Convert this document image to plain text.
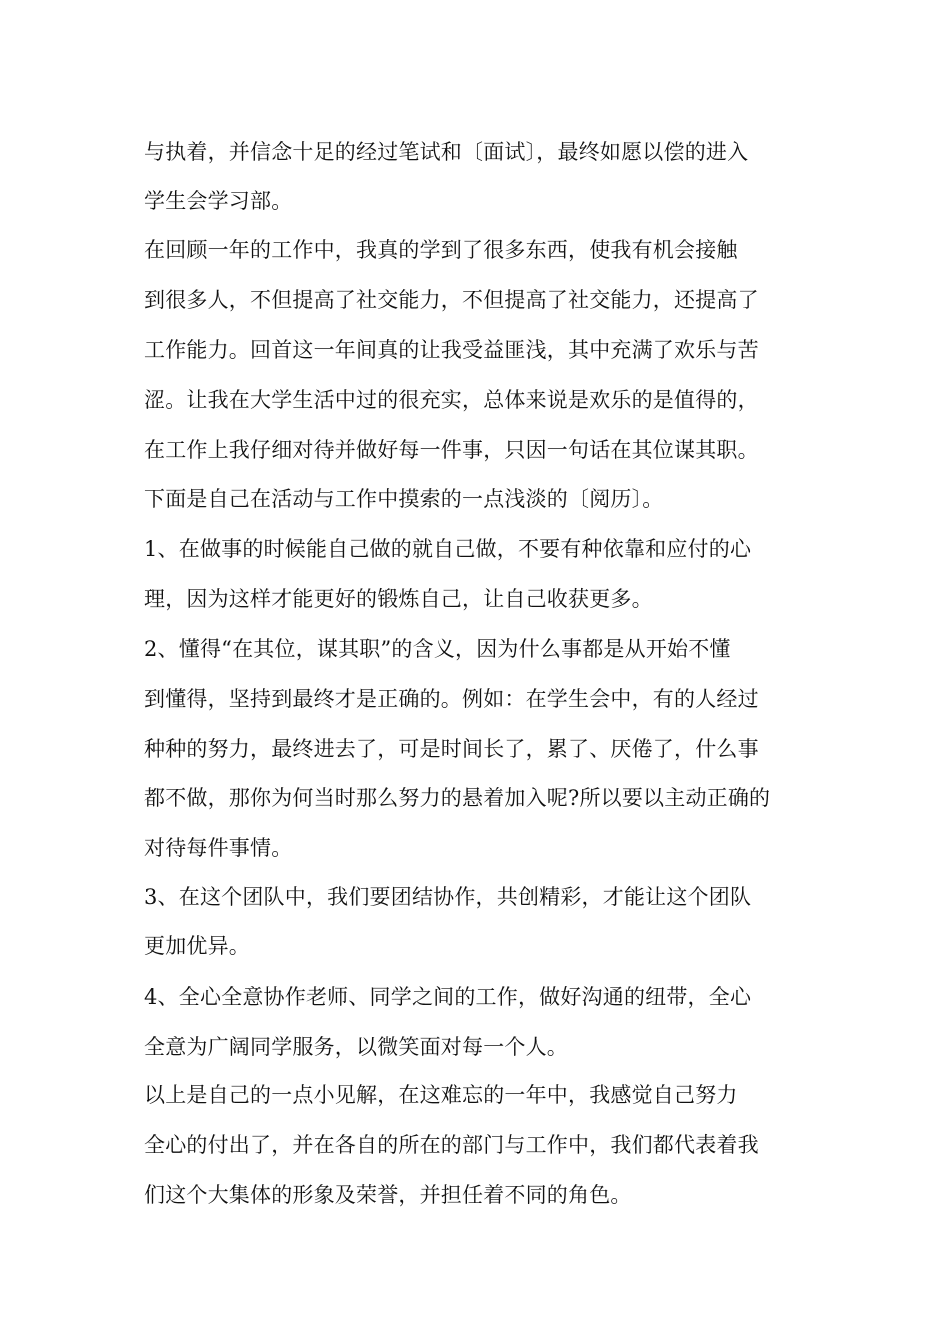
与执着，并信念十足的经过笔试和〔面试〕，最终如愿以偿的进入
学生会学习部。
在回顾一年的工作中，我真的学到了很多东西，使我有机会接触
到很多人，不但提高了社交能力，不但提高了社交能力，还提高了
工作能力。回首这一年间真的让我受益匪浅，其中充满了欢乐与苦
涩。让我在大学生活中过的很充实，总体来说是欢乐的是值得的，
在工作上我仔细对待并做好每一件事，只因一句话在其位谋其职。
下面是自己在活动与工作中摸索的一点浅淡的〔阅历〕。
1、在做事的时候能自己做的就自己做，不要有种依靠和应付的心
理，因为这样才能更好的锻炼自己，让自己收获更多。
2、懂得“在其位，谋其职”的含义，因为什么事都是从开始不懂
到懂得，坚持到最终才是正确的。例如：在学生会中，有的人经过
种种的努力，最终进去了，可是时间长了，累了、厌倦了，什么事
都不做，那你为何当时那么努力的悬着加入呢?所以要以主动正确的
对待每件事情。
3、在这个团队中，我们要团结协作，共创精彩，才能让这个团队
更加优异。
4、全心全意协作老师、同学之间的工作，做好沟通的纽带，全心
全意为广阔同学服务，以微笑面对每一个人。
以上是自己的一点小见解，在这难忘的一年中，我感觉自己努力
全心的付出了，并在各自的所在的部门与工作中，我们都代表着我
们这个大集体的形象及荣誉，并担任着不同的角色。
